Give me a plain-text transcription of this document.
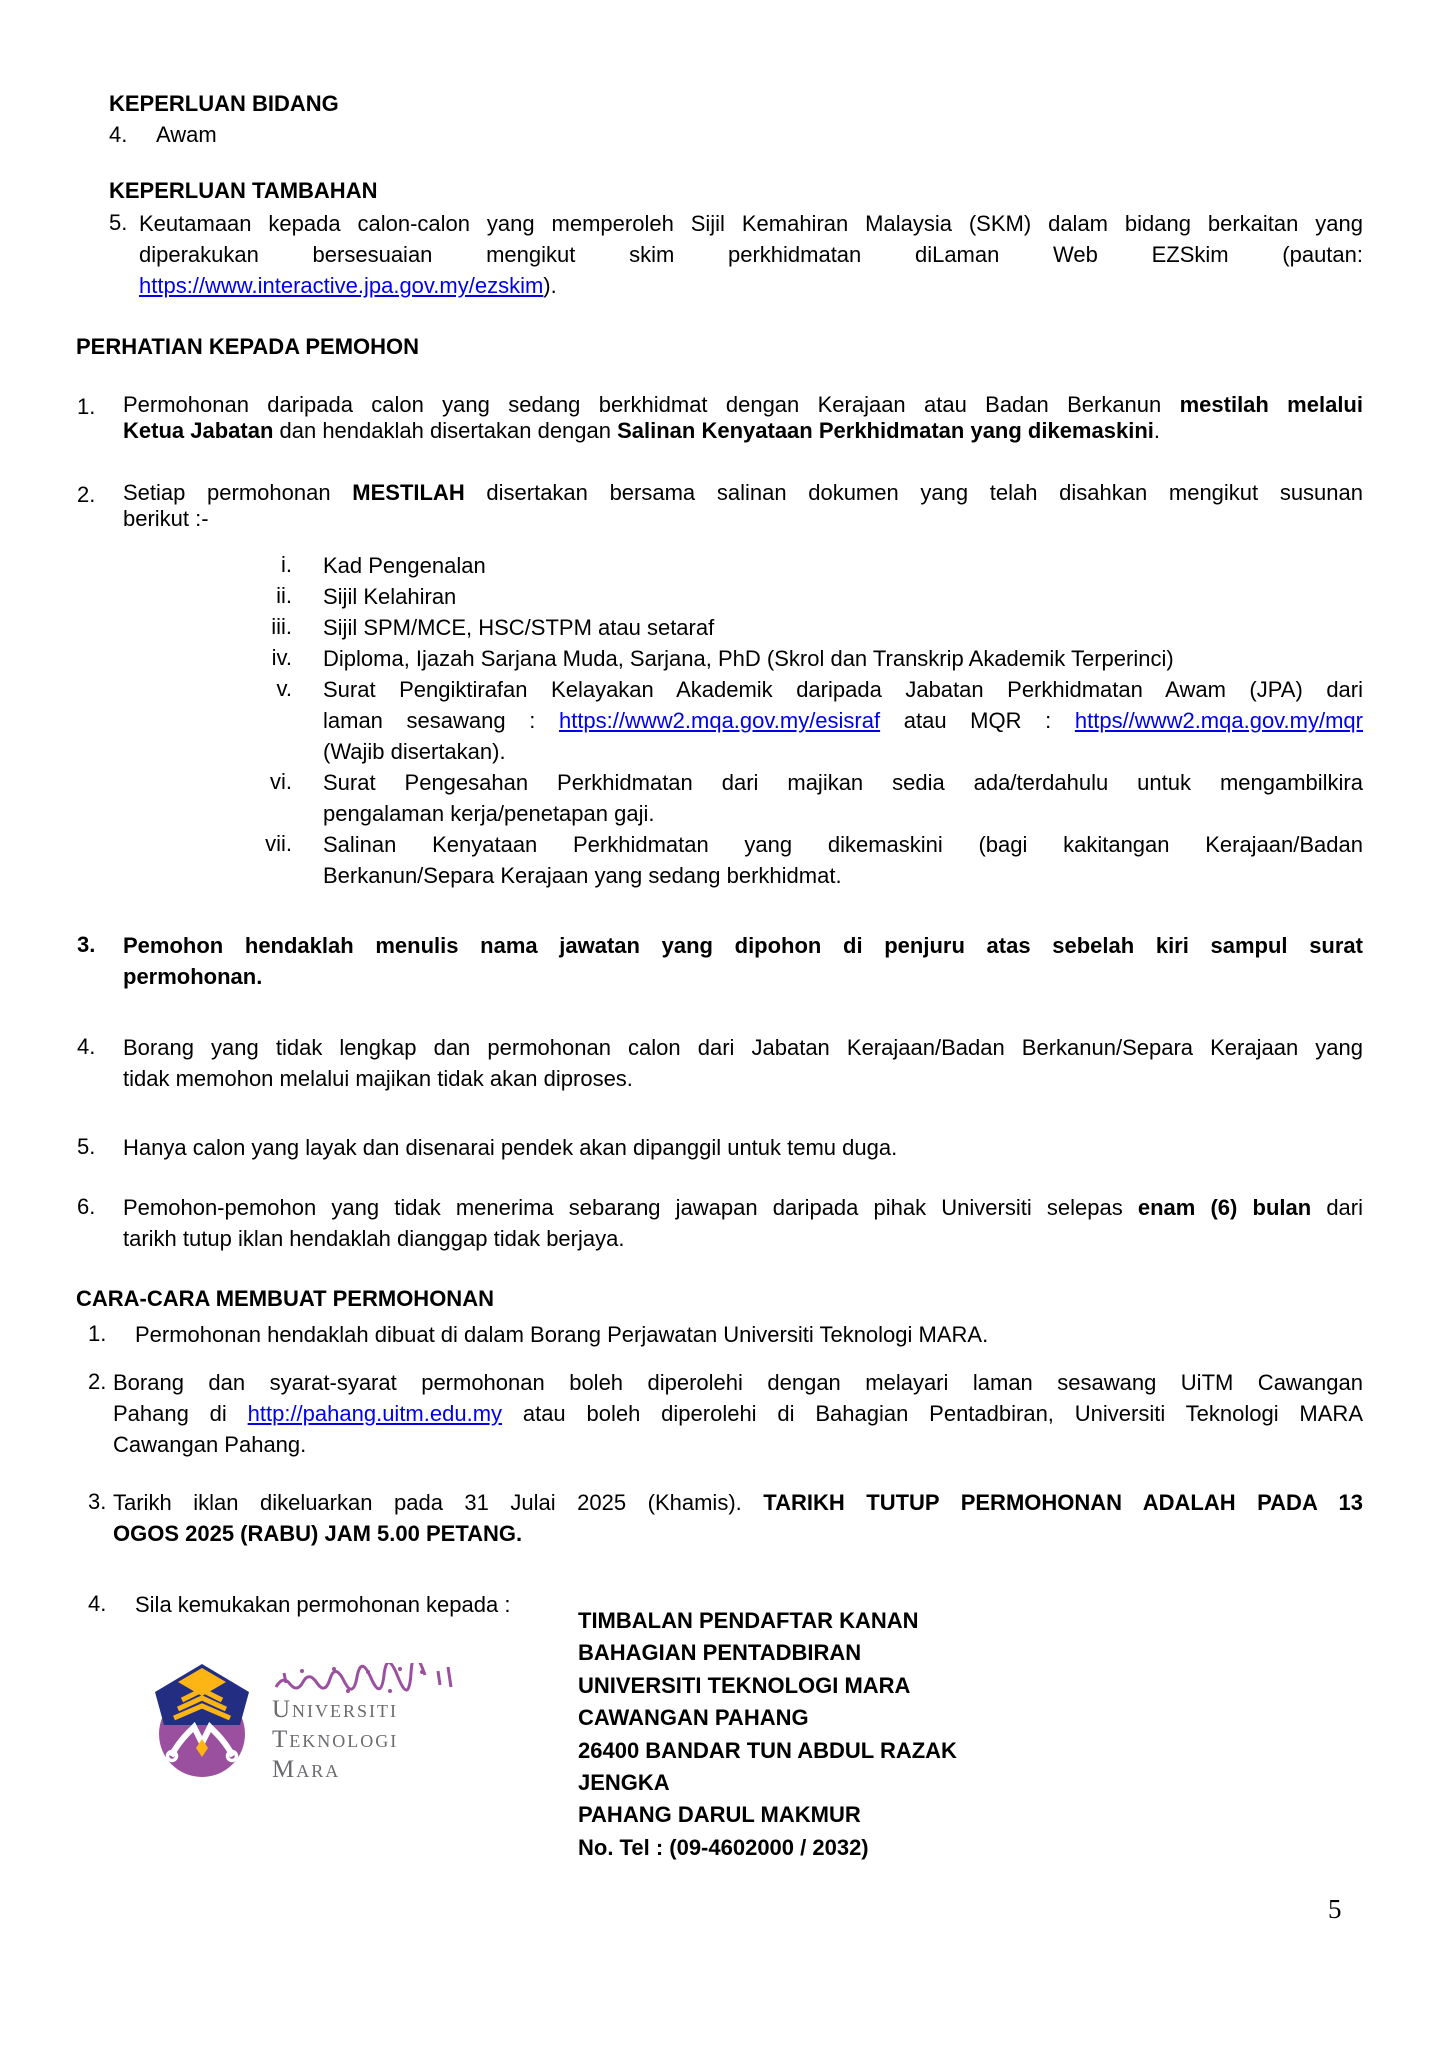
KEPERLUAN BIDANG
4. Awam
KEPERLUAN TAMBAHAN
5. Keutamaan kepada calon-calon yang memperoleh Sijil Kemahiran Malaysia (SKM) dalam bidang berkaitan yang
diperakukan bersesuaian mengikut skim perkhidmatan diLaman Web EZSkim (pautan:
https://www.interactive.jpa.gov.my/ezskim).
PERHATIAN KEPADA PEMOHON
1. Permohonan daripada calon yang sedang berkhidmat dengan Kerajaan atau Badan Berkanun mestilah melalui
Ketua Jabatan dan hendaklah disertakan dengan Salinan Kenyataan Perkhidmatan yang dikemaskini.
2. Setiap permohonan MESTILAH disertakan bersama salinan dokumen yang telah disahkan mengikut susunan
berikut :-
i. Kad Pengenalan
ii. Sijil Kelahiran
iii. Sijil SPM/MCE, HSC/STPM atau setaraf
iv. Diploma, Ijazah Sarjana Muda, Sarjana, PhD (Skrol dan Transkrip Akademik Terperinci)
v. Surat Pengiktirafan Kelayakan Akademik daripada Jabatan Perkhidmatan Awam (JPA) dari
laman sesawang : https://www2.mqa.gov.my/esisraf atau MQR : https//www2.mqa.gov.my/mqr
(Wajib disertakan).
vi. Surat Pengesahan Perkhidmatan dari majikan sedia ada/terdahulu untuk mengambilkira
pengalaman kerja/penetapan gaji.
vii. Salinan Kenyataan Perkhidmatan yang dikemaskini (bagi kakitangan Kerajaan/Badan
Berkanun/Separa Kerajaan yang sedang berkhidmat.
3. Pemohon hendaklah menulis nama jawatan yang dipohon di penjuru atas sebelah kiri sampul surat
permohonan.
4. Borang yang tidak lengkap dan permohonan calon dari Jabatan Kerajaan/Badan Berkanun/Separa Kerajaan yang
tidak memohon melalui majikan tidak akan diproses.
5. Hanya calon yang layak dan disenarai pendek akan dipanggil untuk temu duga.
6. Pemohon-pemohon yang tidak menerima sebarang jawapan daripada pihak Universiti selepas enam (6) bulan dari
tarikh tutup iklan hendaklah dianggap tidak berjaya.
CARA-CARA MEMBUAT PERMOHONAN
1. Permohonan hendaklah dibuat di dalam Borang Perjawatan Universiti Teknologi MARA.
2. Borang dan syarat-syarat permohonan boleh diperolehi dengan melayari laman sesawang UiTM Cawangan
Pahang di http://pahang.uitm.edu.my atau boleh diperolehi di Bahagian Pentadbiran, Universiti Teknologi MARA
Cawangan Pahang.
3. Tarikh iklan dikeluarkan pada 31 Julai 2025 (Khamis). TARIKH TUTUP PERMOHONAN ADALAH PADA 13
OGOS 2025 (RABU) JAM 5.00 PETANG.
4. Sila kemukakan permohonan kepada :
TIMBALAN PENDAFTAR KANAN
BAHAGIAN PENTADBIRAN
UNIVERSITI TEKNOLOGI MARA
CAWANGAN PAHANG
26400 BANDAR TUN ABDUL RAZAK
JENGKA
PAHANG DARUL MAKMUR
No. Tel : (09-4602000 / 2032)
Universiti
Teknologi
Mara
5
